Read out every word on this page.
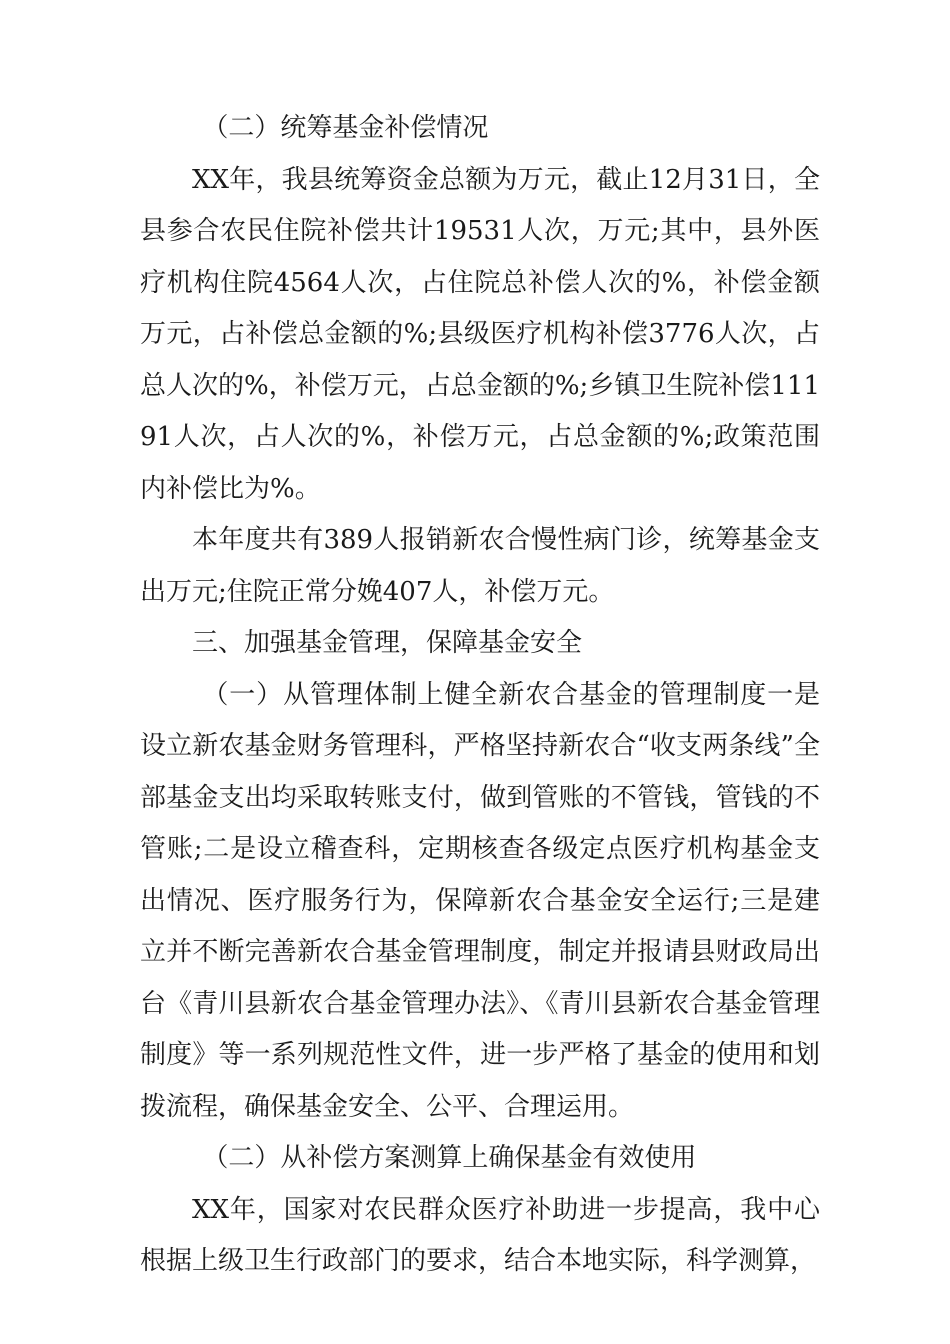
（二）统筹基金补偿情况

XX年，我县统筹资金总额为万元，截止12月31日，全县参合农民住院补偿共计19531人次，万元;其中，县外医疗机构住院4564人次，占住院总补偿人次的%，补偿金额万元，占补偿总金额的%;县级医疗机构补偿3776人次，占总人次的%，补偿万元，占总金额的%;乡镇卫生院补偿11191人次，占人次的%，补偿万元，占总金额的%;政策范围内补偿比为%。

本年度共有389人报销新农合慢性病门诊，统筹基金支出万元;住院正常分娩407人，补偿万元。

三、加强基金管理，保障基金安全

（一）从管理体制上健全新农合基金的管理制度一是设立新农基金财务管理科，严格坚持新农合“收支两条线”全部基金支出均采取转账支付，做到管账的不管钱，管钱的不管账;二是设立稽查科，定期核查各级定点医疗机构基金支出情况、医疗服务行为，保障新农合基金安全运行;三是建立并不断完善新农合基金管理制度，制定并报请县财政局出台《青川县新农合基金管理办法》、《青川县新农合基金管理制度》等一系列规范性文件，进一步严格了基金的使用和划拨流程，确保基金安全、公平、合理运用。

（二）从补偿方案测算上确保基金有效使用

XX年，国家对农民群众医疗补助进一步提高，我中心根据上级卫生行政部门的要求，结合本地实际，科学测算，
